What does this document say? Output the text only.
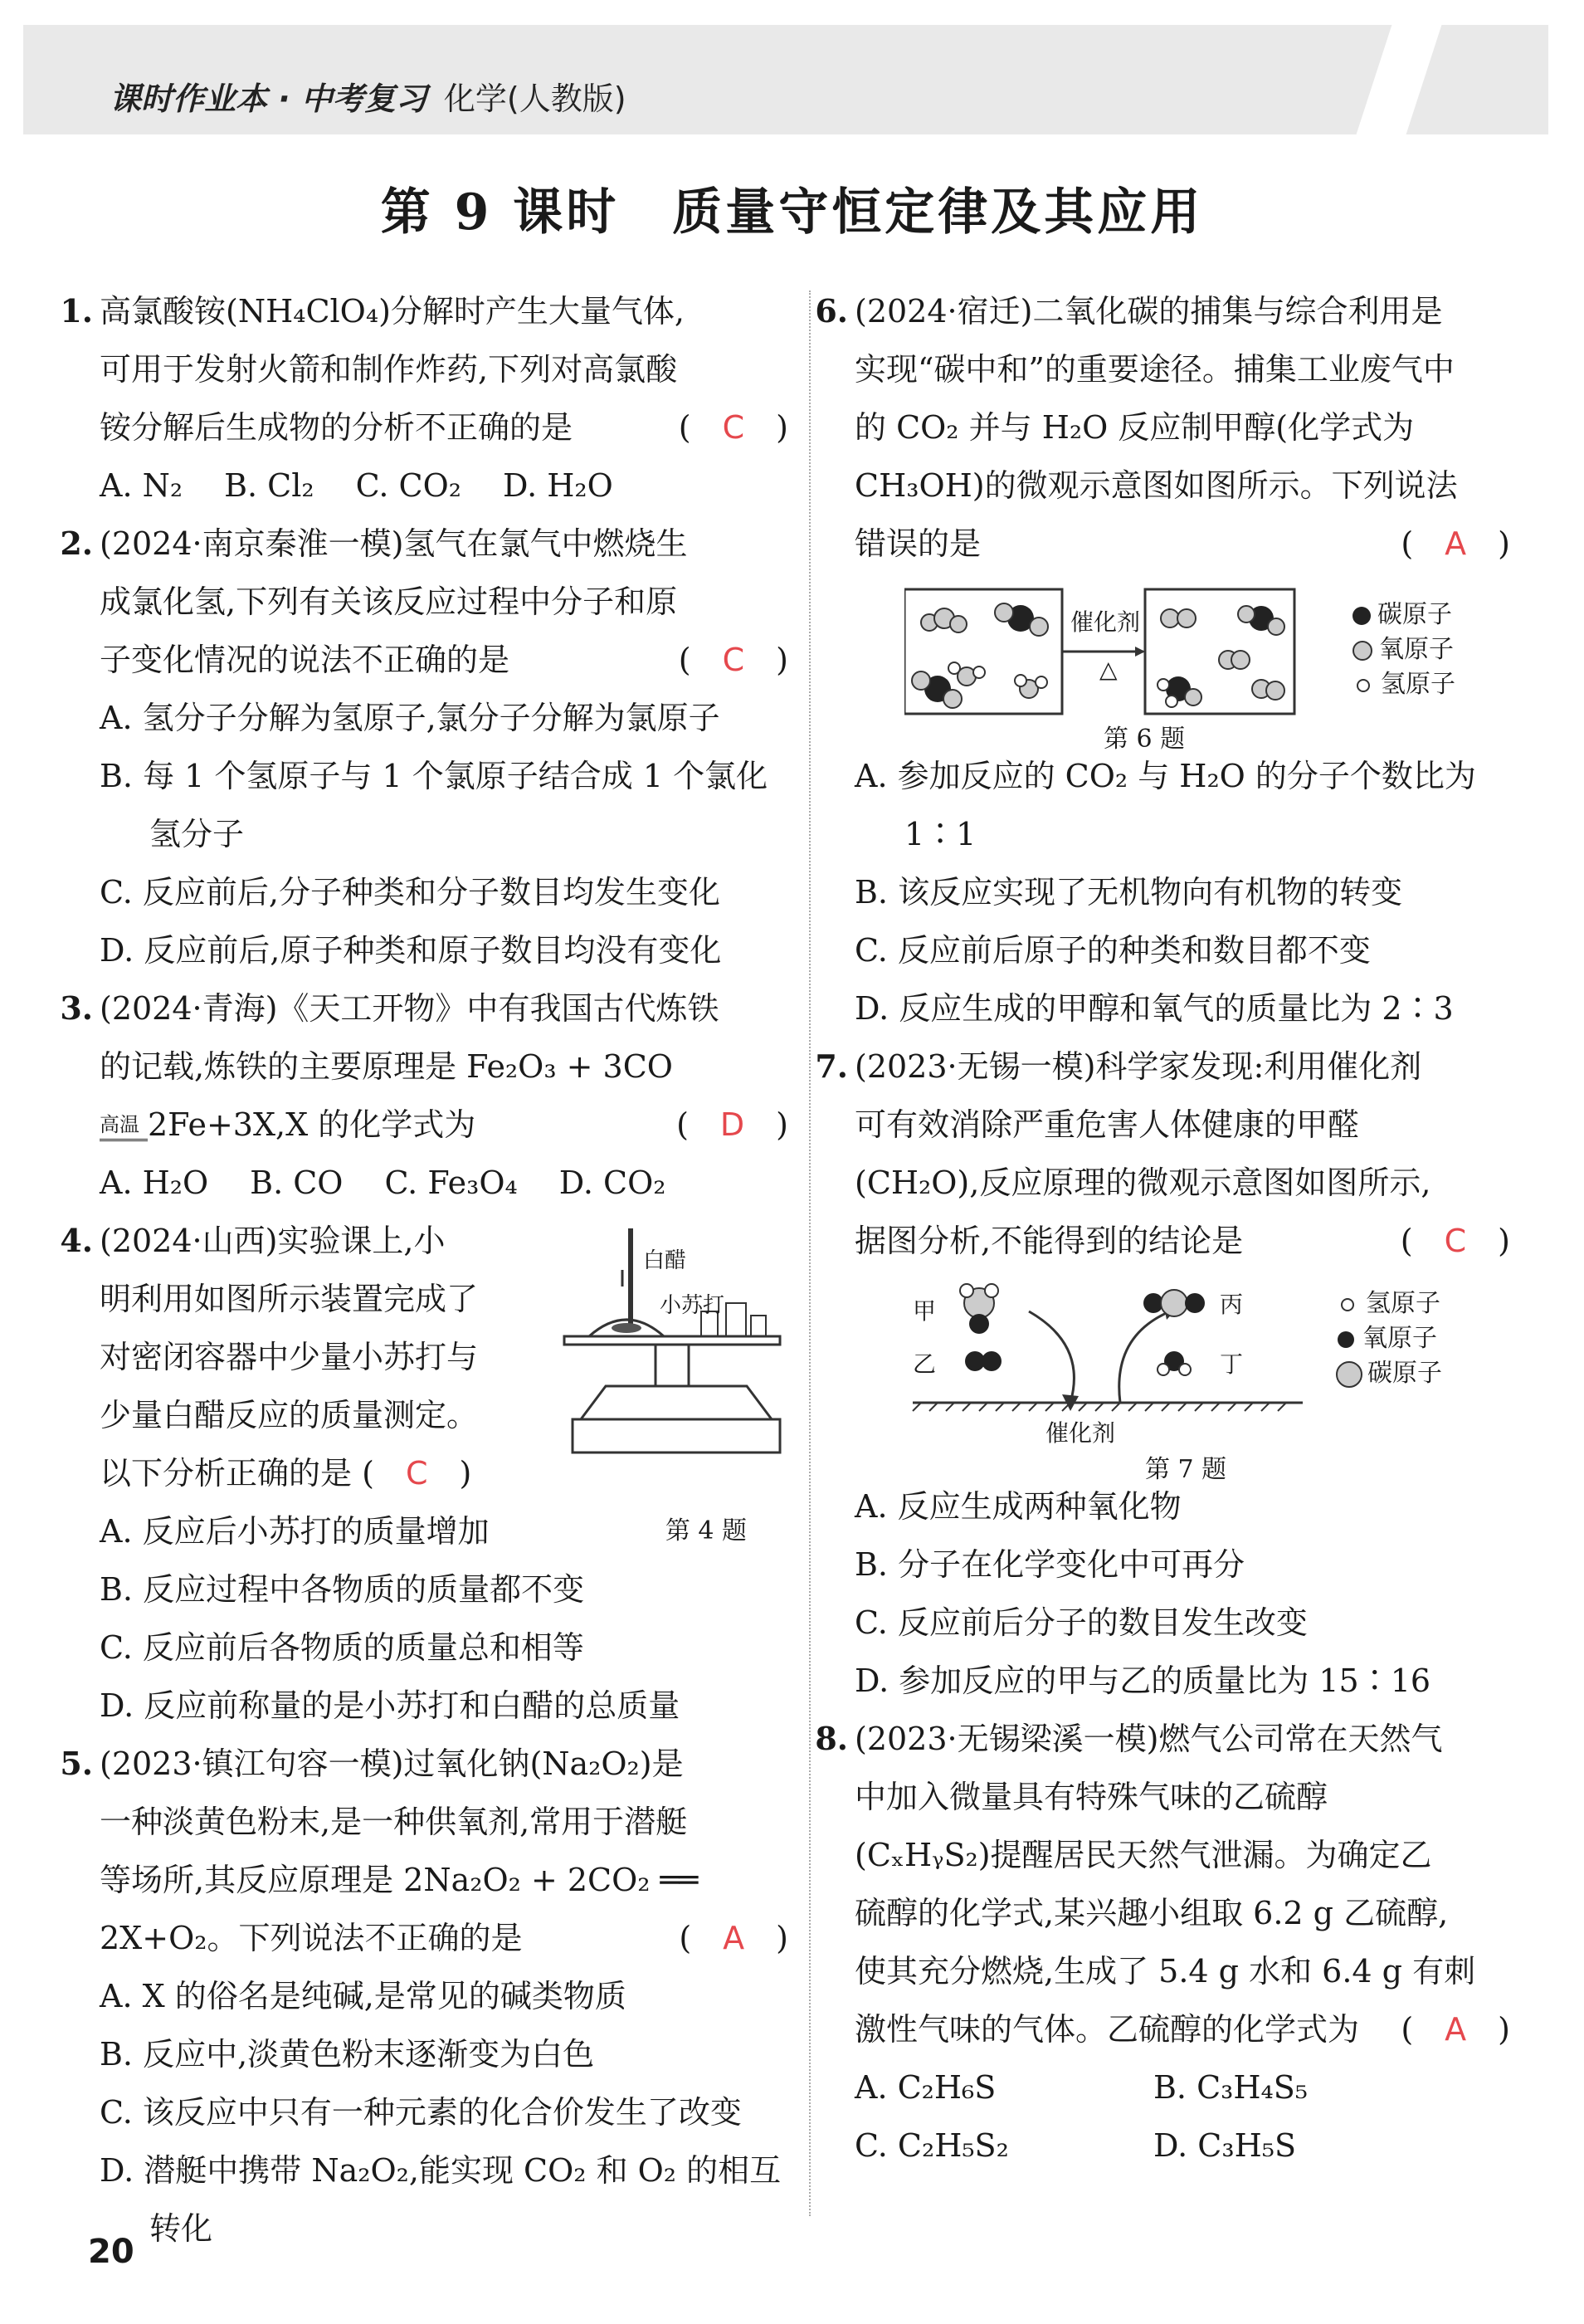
课时作业本 · 中考复习 化学(人教版)
第 9 课时　质量守恒定律及其应用
1. 高氯酸铵(NH₄ClO₄)分解时产生大量气体,
可用于发射火箭和制作炸药,下列对高氯酸
铵分解后生成物的分析不正确的是	(　C　)
A. N₂ B. Cl₂ C. CO₂ D. H₂O
2. (2024·南京秦淮一模)氢气在氯气中燃烧生
成氯化氢,下列有关该反应过程中分子和原
子变化情况的说法不正确的是	(　C　)
A. 氢分子分解为氢原子,氯分子分解为氯原子
B. 每 1 个氢原子与 1 个氯原子结合成 1 个氯化氢分子
C. 反应前后,分子种类和分子数目均发生变化
D. 反应前后,原子种类和原子数目均没有变化
3. (2024·青海)《天工开物》中有我国古代炼铁
的记载,炼铁的主要原理是 Fe₂O₃ + 3CO
高温 2Fe+3X,X 的化学式为	(　D　)
A. H₂O B. CO C. Fe₃O₄ D. CO₂
4. (2024·山西)实验课上,小
明利用如图所示装置完成了
对密闭容器中少量小苏打与
少量白醋反应的质量测定。
以下分析正确的是 (　C　)
白醋
小苏打
A. 反应后小苏打的质量增加	第 4 题
B. 反应过程中各物质的质量都不变
C. 反应前后各物质的质量总和相等
D. 反应前称量的是小苏打和白醋的总质量
5. (2023·镇江句容一模)过氧化钠(Na₂O₂)是
一种淡黄色粉末,是一种供氧剂,常用于潜艇
等场所,其反应原理是 2Na₂O₂ + 2CO₂ ══
2X+O₂。下列说法不正确的是	(　A　)
A. X 的俗名是纯碱,是常见的碱类物质
B. 反应中,淡黄色粉末逐渐变为白色
C. 该反应中只有一种元素的化合价发生了改变
D. 潜艇中携带 Na₂O₂,能实现 CO₂ 和 O₂ 的相互转化
6. (2024·宿迁)二氧化碳的捕集与综合利用是
实现“碳中和”的重要途径。捕集工业废气中
的 CO₂ 并与 H₂O 反应制甲醇(化学式为
CH₃OH)的微观示意图如图所示。下列说法
错误的是	(　A　)
催化剂
△
碳原子
氧原子
氢原子
第 6 题
A. 参加反应的 CO₂ 与 H₂O 的分子个数比为 1∶1
B. 该反应实现了无机物向有机物的转变
C. 反应前后原子的种类和数目都不变
D. 反应生成的甲醇和氧气的质量比为 2∶3
7. (2023·无锡一模)科学家发现:利用催化剂
可有效消除严重危害人体健康的甲醛
(CH₂O),反应原理的微观示意图如图所示,
据图分析,不能得到的结论是	(　C　)
甲
乙
丙
丁
催化剂
氢原子
氧原子
碳原子
第 7 题
A. 反应生成两种氧化物
B. 分子在化学变化中可再分
C. 反应前后分子的数目发生改变
D. 参加反应的甲与乙的质量比为 15∶16
8. (2023·无锡梁溪一模)燃气公司常在天然气
中加入微量具有特殊气味的乙硫醇
(CₓHᵧS₂)提醒居民天然气泄漏。为确定乙
硫醇的化学式,某兴趣小组取 6.2 g 乙硫醇,
使其充分燃烧,生成了 5.4 g 水和 6.4 g 有刺
激性气味的气体。乙硫醇的化学式为 (　A　)
A. C₂H₆S	B. C₃H₄S₅
C. C₂H₅S₂	D. C₃H₅S
20
